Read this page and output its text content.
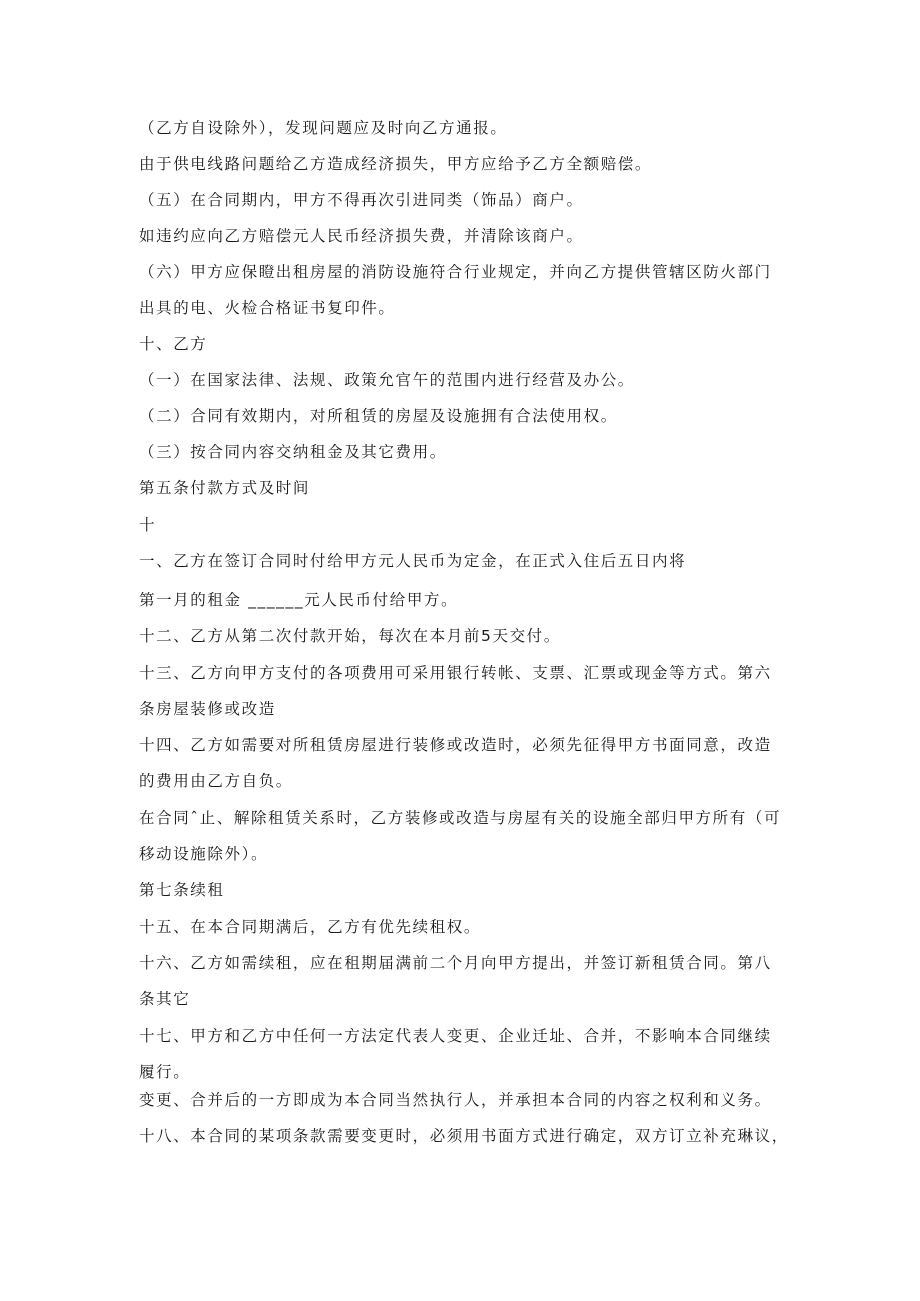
（乙方自设除外），发现问题应及时向乙方通报。

由于供电线路问题给乙方造成经济损失，甲方应给予乙方全额赔偿。

（五）在合同期内，甲方不得再次引进同类（饰品）商户。

如违约应向乙方赔偿元人民币经济损失费，并清除该商户。

（六）甲方应保瞪出租房屋的消防设施符合行业规定，并向乙方提供管辖区防火部门

出具的电、火检合格证书复印件。

十、乙方

（一）在国家法律、法规、政策允官午的范围内进行经营及办公。

（二）合同有效期内，对所租赁的房屋及设施拥有合法使用权。

（三）按合同内容交纳租金及其它费用。

第五条付款方式及时间

十

一、乙方在签订合同时付给甲方元人民币为定金，在正式入住后五日内将

第一月的租金 ______元人民币付给甲方。

十二、乙方从第二次付款开始，每次在本月前5天交付。

十三、乙方向甲方支付的各项费用可采用银行转帐、支票、汇票或现金等方式。第六

条房屋装修或改造

十四、乙方如需要对所租赁房屋进行装修或改造时，必须先征得甲方书面同意，改造

的费用由乙方自负。

在合同ˆ止、解除租赁关系时，乙方装修或改造与房屋有关的设施全部归甲方所有（可

移动设施除外）。

第七条续租

十五、在本合同期满后，乙方有优先续租权。

十六、乙方如需续租，应在租期届满前二个月向甲方提出，并签订新租赁合同。第八

条其它

十七、甲方和乙方中任何一方法定代表人变更、企业迁址、合并，不影响本合同继续

履行。

变更、合并后的一方即成为本合同当然执行人，并承担本合同的内容之权利和义务。

十八、本合同的某项条款需要变更时，必须用书面方式进行确定，双方订立补充琳议，
